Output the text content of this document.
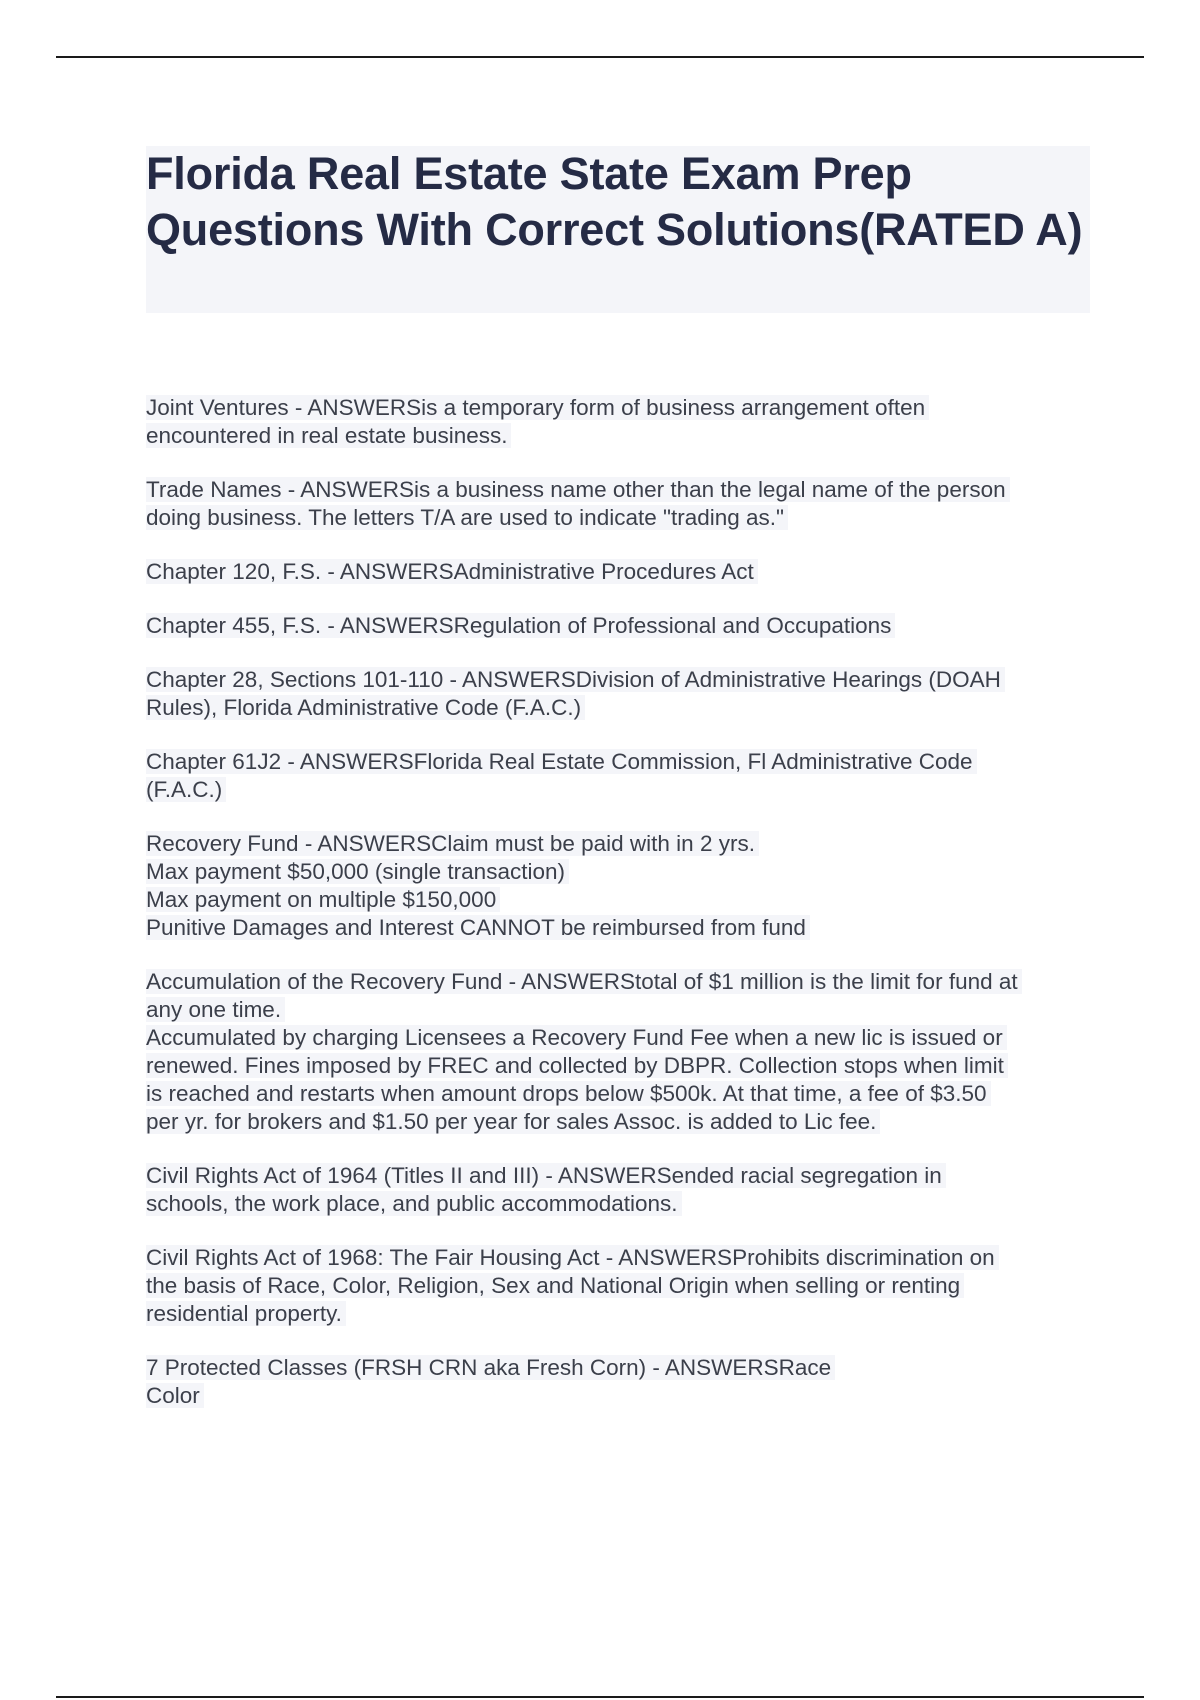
Florida Real Estate State Exam Prep Questions With Correct Solutions(RATED A)

Joint Ventures - ANSWERSis a temporary form of business arrangement often
encountered in real estate business.

Trade Names - ANSWERSis a business name other than the legal name of the person
doing business. The letters T/A are used to indicate "trading as."

Chapter 120, F.S. - ANSWERSAdministrative Procedures Act

Chapter 455, F.S. - ANSWERSRegulation of Professional and Occupations

Chapter 28, Sections 101-110 - ANSWERSDivision of Administrative Hearings (DOAH
Rules), Florida Administrative Code (F.A.C.)

Chapter 61J2 - ANSWERSFlorida Real Estate Commission, Fl Administrative Code
(F.A.C.)

Recovery Fund - ANSWERSClaim must be paid with in 2 yrs.
Max payment $50,000 (single transaction)
Max payment on multiple $150,000
Punitive Damages and Interest CANNOT be reimbursed from fund

Accumulation of the Recovery Fund - ANSWERStotal of $1 million is the limit for fund at
any one time.
Accumulated by charging Licensees a Recovery Fund Fee when a new lic is issued or
renewed. Fines imposed by FREC and collected by DBPR. Collection stops when limit
is reached and restarts when amount drops below $500k. At that time, a fee of $3.50
per yr. for brokers and $1.50 per year for sales Assoc. is added to Lic fee.

Civil Rights Act of 1964 (Titles II and III) - ANSWERSended racial segregation in
schools, the work place, and public accommodations.

Civil Rights Act of 1968: The Fair Housing Act - ANSWERSProhibits discrimination on
the basis of Race, Color, Religion, Sex and National Origin when selling or renting
residential property.

7 Protected Classes (FRSH CRN aka Fresh Corn) - ANSWERSRace
Color
